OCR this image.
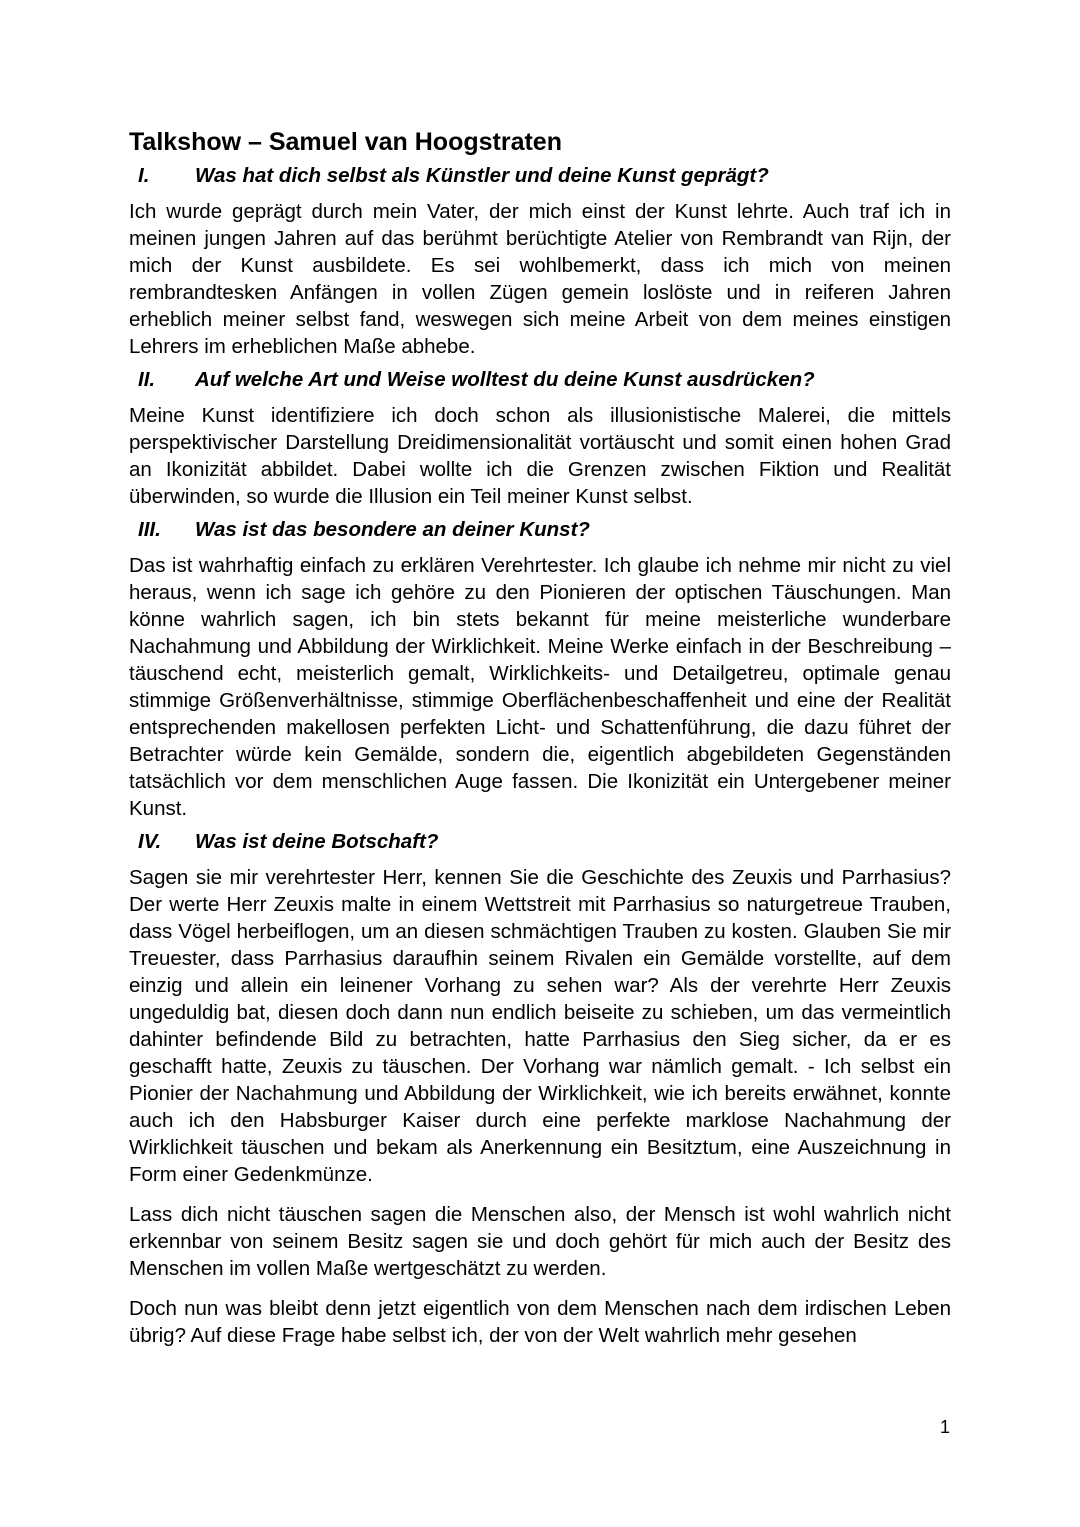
Talkshow – Samuel van Hoogstraten
I.	Was hat dich selbst als Künstler und deine Kunst geprägt?

Ich wurde geprägt durch mein Vater, der mich einst der Kunst lehrte. Auch traf ich in meinen jungen Jahren auf das berühmt berüchtigte Atelier von Rembrandt van Rijn, der mich der Kunst ausbildete. Es sei wohlbemerkt, dass ich mich von meinen rembrandtesken Anfängen in vollen Zügen gemein loslöste und in reiferen Jahren erheblich meiner selbst fand, weswegen sich meine Arbeit von dem meines einstigen Lehrers im erheblichen Maße abhebe.

II.	Auf welche Art und Weise wolltest du deine Kunst ausdrücken?

Meine Kunst identifiziere ich doch schon als illusionistische Malerei, die mittels perspektivischer Darstellung Dreidimensionalität vortäuscht und somit einen hohen Grad an Ikonizität abbildet. Dabei wollte ich die Grenzen zwischen Fiktion und Realität überwinden, so wurde die Illusion ein Teil meiner Kunst selbst.

III.	Was ist das besondere an deiner Kunst?

Das ist wahrhaftig einfach zu erklären Verehrtester. Ich glaube ich nehme mir nicht zu viel heraus, wenn ich sage ich gehöre zu den Pionieren der optischen Täuschungen. Man könne wahrlich sagen, ich bin stets bekannt für meine meisterliche wunderbare Nachahmung und Abbildung der Wirklichkeit. Meine Werke einfach in der Beschreibung – täuschend echt, meisterlich gemalt, Wirklichkeits- und Detailgetreu, optimale genau stimmige Größenverhältnisse, stimmige Oberflächenbeschaffenheit und eine der Realität entsprechenden makellosen perfekten Licht- und Schattenführung, die dazu führet der Betrachter würde kein Gemälde, sondern die, eigentlich abgebildeten Gegenständen tatsächlich vor dem menschlichen Auge fassen. Die Ikonizität ein Untergebener meiner Kunst.

IV.	Was ist deine Botschaft?

Sagen sie mir verehrtester Herr, kennen Sie die Geschichte des Zeuxis und Parrhasius? Der werte Herr Zeuxis malte in einem Wettstreit mit Parrhasius so naturgetreue Trauben, dass Vögel herbeiflogen, um an diesen schmächtigen Trauben zu kosten. Glauben Sie mir Treuester, dass Parrhasius daraufhin seinem Rivalen ein Gemälde vorstellte, auf dem einzig und allein ein leinener Vorhang zu sehen war? Als der verehrte Herr Zeuxis ungeduldig bat, diesen doch dann nun endlich beiseite zu schieben, um das vermeintlich dahinter befindende Bild zu betrachten, hatte Parrhasius den Sieg sicher, da er es geschafft hatte, Zeuxis zu täuschen. Der Vorhang war nämlich gemalt. - Ich selbst ein Pionier der Nachahmung und Abbildung der Wirklichkeit, wie ich bereits erwähnet, konnte auch ich den Habsburger Kaiser durch eine perfekte marklose Nachahmung der Wirklichkeit täuschen und bekam als Anerkennung ein Besitztum, eine Auszeichnung in Form einer Gedenkmünze.

Lass dich nicht täuschen sagen die Menschen also, der Mensch ist wohl wahrlich nicht erkennbar von seinem Besitz sagen sie und doch gehört für mich auch der Besitz des Menschen im vollen Maße wertgeschätzt zu werden.

Doch nun was bleibt denn jetzt eigentlich von dem Menschen nach dem irdischen Leben übrig? Auf diese Frage habe selbst ich, der von der Welt wahrlich mehr gesehen

1
